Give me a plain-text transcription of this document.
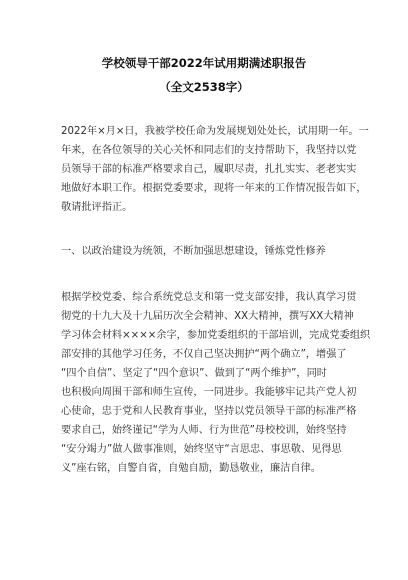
学校领导干部2022年试用期满述职报告
（全文2538字）
2022年×月×日，我被学校任命为发展规划处处长，试用期一年。一
年来，在各位领导的关心关怀和同志们的支持帮助下，我坚持以党
员领导干部的标准严格要求自己，履职尽责，扎扎实实、老老实实
地做好本职工作。根据党委要求，现将一年来的工作情况报告如下，
敬请批评指正。
一、以政治建设为统领，不断加强思想建设，锤炼党性修养
根据学校党委、综合系统党总支和第一党支部安排，我认真学习贯
彻党的十九大及十九届历次全会精神、XX大精神，撰写XX大精神
学习体会材料××××余字，参加党委组织的干部培训，完成党委组织
部安排的其他学习任务，不仅自己坚决拥护“两个确立”，增强了
“四个自信”、坚定了“四个意识”、做到了“两个维护”，同时
也积极向周围干部和师生宣传，一同进步。我能够牢记共产党人初
心使命，忠于党和人民教育事业，坚持以党员领导干部的标准严格
要求自己，始终谨记“学为人师、行为世范”母校校训，始终坚持
“安分竭力”做人做事准则，始终坚守“言思忠、事思敬、见得思
义”座右铭，自警自省，自勉自励，勤恳敬业，廉洁自律。
